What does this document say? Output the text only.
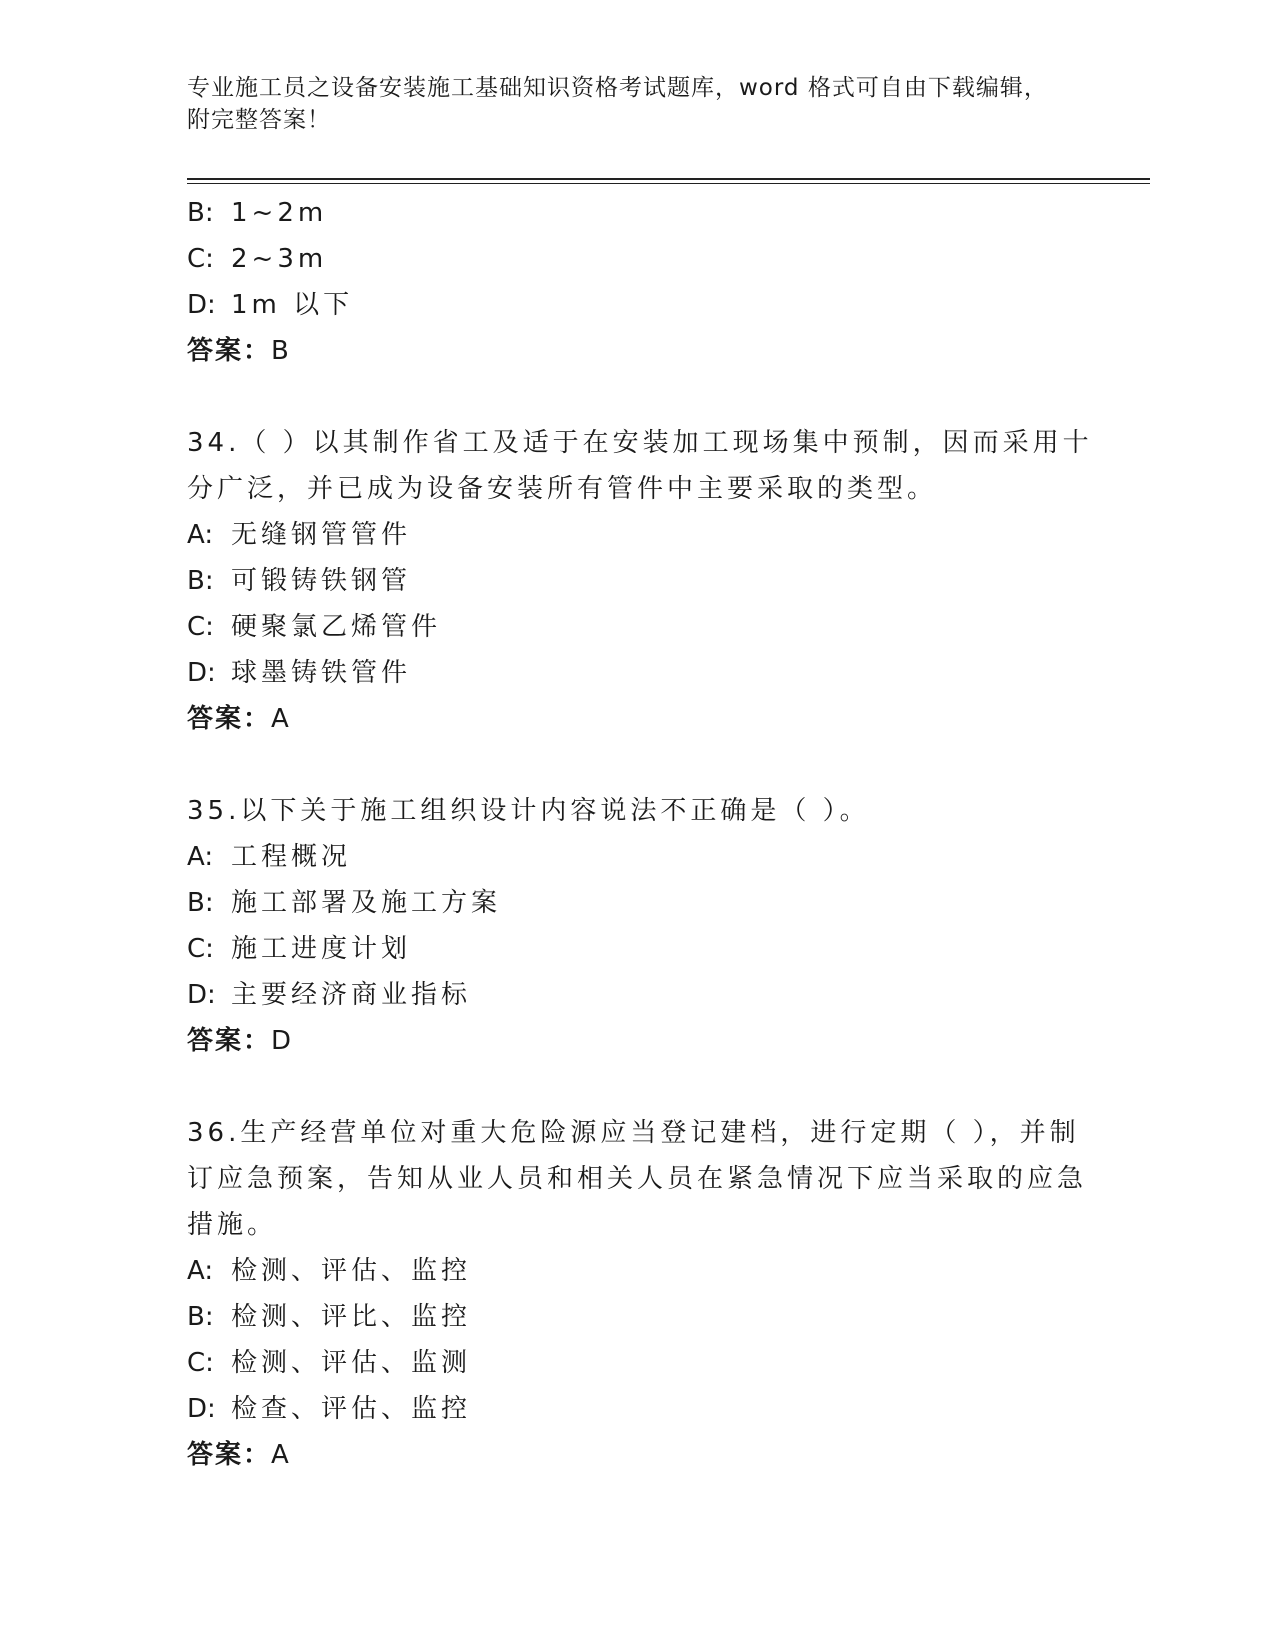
专业施工员之设备安装施工基础知识资格考试题库，word 格式可自由下载编辑，
附完整答案！
B: 1~2m
C: 2~3m
D: 1m 以下
答案：B
34.（ ）以其制作省工及适于在安装加工现场集中预制，因而采用十
分广泛，并已成为设备安装所有管件中主要采取的类型。
A: 无缝钢管管件
B: 可锻铸铁钢管
C: 硬聚氯乙烯管件
D: 球墨铸铁管件
答案：A
35.以下关于施工组织设计内容说法不正确是（ ）。
A: 工程概况
B: 施工部署及施工方案
C: 施工进度计划
D: 主要经济商业指标
答案：D
36.生产经营单位对重大危险源应当登记建档，进行定期（ ），并制
订应急预案，告知从业人员和相关人员在紧急情况下应当采取的应急
措施。
A: 检测、评估、监控
B: 检测、评比、监控
C: 检测、评估、监测
D: 检查、评估、监控
答案：A
